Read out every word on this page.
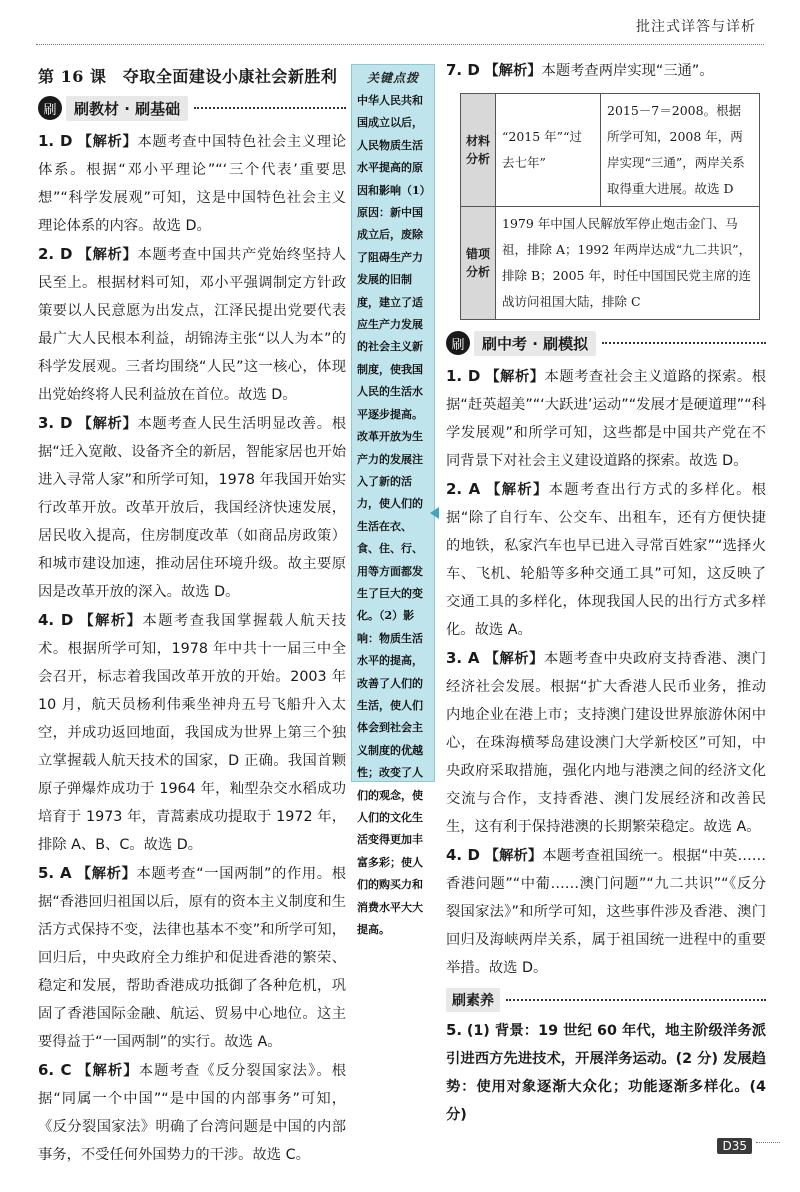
批注式详答与详析
第 16 课　夺取全面建设小康社会新胜利
刷	刷教材 · 刷基础

1. D 【解析】本题考查中国特色社会主义理论体系。根据“邓小平理论”“‘三个代表’重要思想”“科学发展观”可知，这是中国特色社会主义理论体系的内容。故选 D。

2. D 【解析】本题考查中国共产党始终坚持人民至上。根据材料可知，邓小平强调制定方针政策要以人民意愿为出发点，江泽民提出党要代表最广大人民根本利益，胡锦涛主张“以人为本”的科学发展观。三者均围绕“人民”这一核心，体现出党始终将人民利益放在首位。故选 D。

3. D 【解析】本题考查人民生活明显改善。根据“迁入宽敞、设备齐全的新居，智能家居也开始进入寻常人家”和所学可知，1978 年我国开始实行改革开放。改革开放后，我国经济快速发展，居民收入提高，住房制度改革（如商品房政策）和城市建设加速，推动居住环境升级。故主要原因是改革开放的深入。故选 D。

4. D 【解析】本题考查我国掌握载人航天技术。根据所学可知，1978 年中共十一届三中全会召开，标志着我国改革开放的开始。2003 年 10 月，航天员杨利伟乘坐神舟五号飞船升入太空，并成功返回地面，我国成为世界上第三个独立掌握载人航天技术的国家，D 正确。我国首颗原子弹爆炸成功于 1964 年，籼型杂交水稻成功培育于 1973 年，青蒿素成功提取于 1972 年，排除 A、B、C。故选 D。

5. A 【解析】本题考查“一国两制”的作用。根据“香港回归祖国以后，原有的资本主义制度和生活方式保持不变，法律也基本不变”和所学可知，回归后，中央政府全力维护和促进香港的繁荣、稳定和发展，帮助香港成功抵御了各种危机，巩固了香港国际金融、航运、贸易中心地位。这主要得益于“一国两制”的实行。故选 A。

6. C 【解析】本题考查《反分裂国家法》。根据“同属一个中国”“是中国的内部事务”可知，《反分裂国家法》明确了台湾问题是中国的内部事务，不受任何外国势力的干涉。故选 C。

关键点拨
中华人民共和国成立以后，人民物质生活水平提高的原因和影响（1）原因：新中国成立后，废除了阻碍生产力发展的旧制度，建立了适应生产力发展的社会主义新制度，使我国人民的生活水平逐步提高。改革开放为生产力的发展注入了新的活力，使人们的生活在衣、食、住、行、用等方面都发生了巨大的变化。（2）影响：物质生活水平的提高，改善了人们的生活，使人们体会到社会主义制度的优越性；改变了人们的观念，使人们的文化生活变得更加丰富多彩；使人们的购买力和消费水平大大提高。

7. D 【解析】本题考查两岸实现“三通”。

材料分析	“2015 年”“过去七年”	2015－7＝2008。根据所学可知，2008 年，两岸实现“三通”，两岸关系取得重大进展。故选 D
错项分析	1979 年中国人民解放军停止炮击金门、马祖，排除 A；1992 年两岸达成“九二共识”，排除 B；2005 年，时任中国国民党主席的连战访问祖国大陆，排除 C	
刷	刷中考 · 刷模拟

1. D 【解析】本题考查社会主义道路的探索。根据“赶英超美”“‘大跃进’运动”“发展才是硬道理”“科学发展观”和所学可知，这些都是中国共产党在不同背景下对社会主义建设道路的探索。故选 D。

2. A 【解析】本题考查出行方式的多样化。根据“除了自行车、公交车、出租车，还有方便快捷的地铁，私家汽车也早已进入寻常百姓家”“选择火车、飞机、轮船等多种交通工具”可知，这反映了交通工具的多样化，体现我国人民的出行方式多样化。故选 A。

3. A 【解析】本题考查中央政府支持香港、澳门经济社会发展。根据“扩大香港人民币业务，推动内地企业在港上市；支持澳门建设世界旅游休闲中心，在珠海横琴岛建设澳门大学新校区”可知，中央政府采取措施，强化内地与港澳之间的经济文化交流与合作，支持香港、澳门发展经济和改善民生，这有利于保持港澳的长期繁荣稳定。故选 A。

4. D 【解析】本题考查祖国统一。根据“中英……香港问题”“中葡……澳门问题”“九二共识”“《反分裂国家法》”和所学可知，这些事件涉及香港、澳门回归及海峡两岸关系，属于祖国统一进程中的重要举措。故选 D。

刷素养

5. (1) 背景：19 世纪 60 年代，地主阶级洋务派引进西方先进技术，开展洋务运动。(2 分) 发展趋势：使用对象逐渐大众化；功能逐渐多样化。(4 分)

D35
